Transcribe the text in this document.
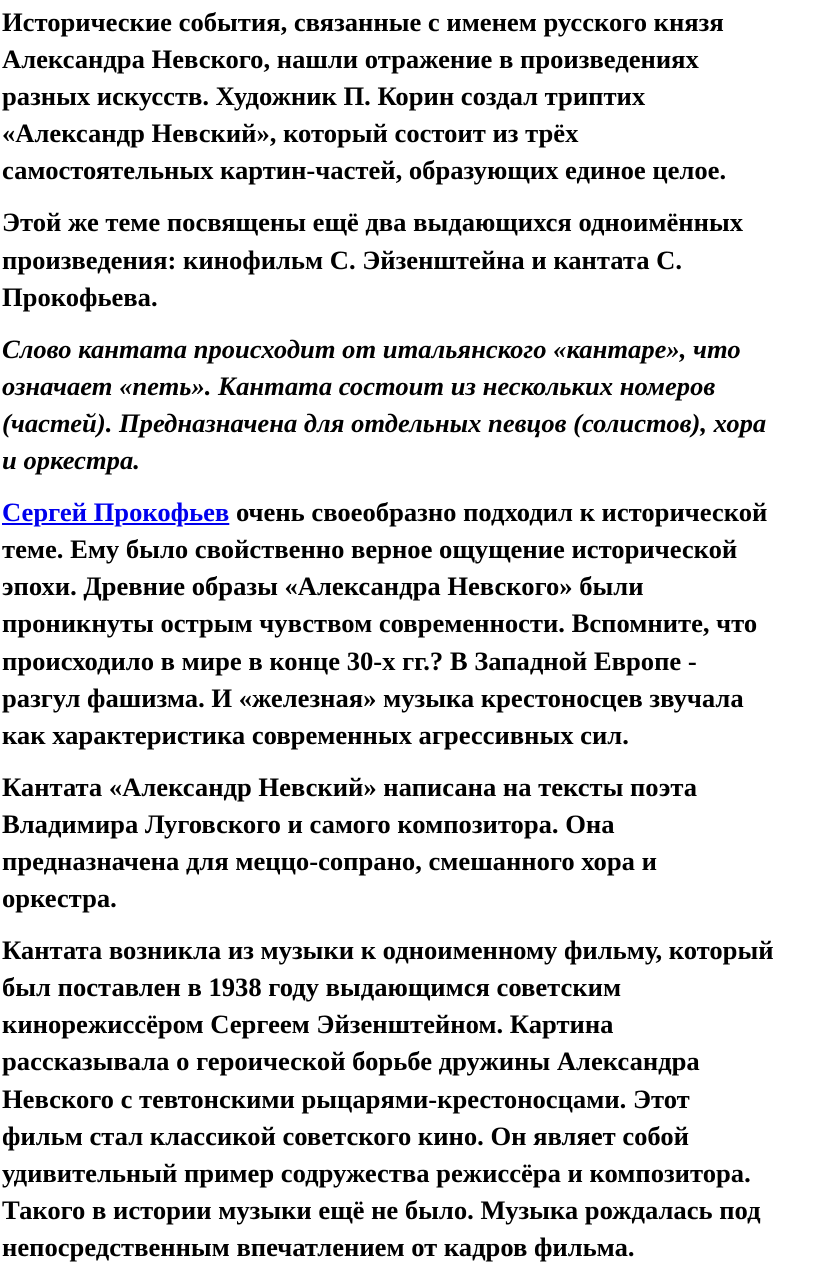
Исторические события, связанные с именем русского князя
Александра Невского, нашли отражение в произведениях
разных искусств. Художник П. Корин создал триптих
«Александр Невский», который состоит из трёх
самостоятельных картин-частей, образующих единое целое.

Этой же теме посвящены ещё два выдающихся одноимённых
произведения: кинофильм С. Эйзенштейна и кантата С.
Прокофьева.

Слово кантата происходит от итальянского «кантаре», что
означает «петь». Кантата состоит из нескольких номеров
(частей). Предназначена для отдельных певцов (солистов), хора
и оркестра.

Сергей Прокофьев очень своеобразно подходил к исторической
теме. Ему было свойственно верное ощущение исторической
эпохи. Древние образы «Александра Невского» были
проникнуты острым чувством современности. Вспомните, что
происходило в мире в конце 30-х гг.? В Западной Европе -
разгул фашизма. И «железная» музыка крестоносцев звучала
как характеристика современных агрессивных сил.

Кантата «Александр Невский» написана на тексты поэта
Владимира Луговского и самого композитора. Она
предназначена для меццо-сопрано, смешанного хора и
оркестра.

Кантата возникла из музыки к одноименному фильму, который
был поставлен в 1938 году выдающимся советским
кинорежиссёром Сергеем Эйзенштейном. Картина
рассказывала о героической борьбе дружины Александра
Невского с тевтонскими рыцарями-крестоносцами. Этот
фильм стал классикой советского кино. Он являет собой
удивительный пример содружества режиссёра и композитора.
Такого в истории музыки ещё не было. Музыка рождалась под
непосредственным впечатлением от кадров фильма.
